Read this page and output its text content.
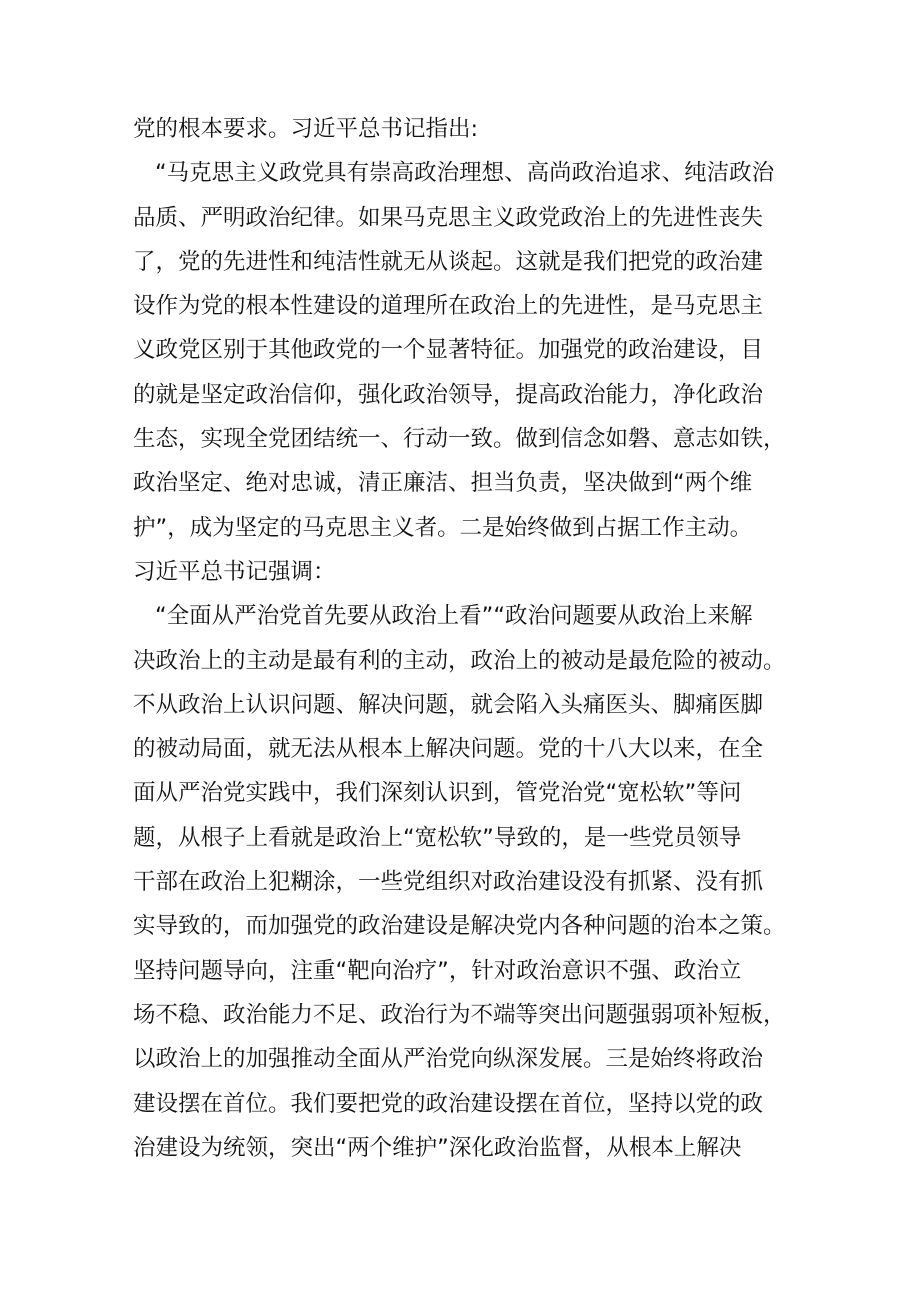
党的根本要求。习近平总书记指出:
“马克思主义政党具有崇高政治理想、高尚政治追求、纯洁政治
品质、严明政治纪律。如果马克思主义政党政治上的先进性丧失
了，党的先进性和纯洁性就无从谈起。这就是我们把党的政治建
设作为党的根本性建设的道理所在政治上的先进性，是马克思主
义政党区别于其他政党的一个显著特征。加强党的政治建设，目
的就是坚定政治信仰，强化政治领导，提高政治能力，净化政治
生态，实现全党团结统一、行动一致。做到信念如磐、意志如铁，
政治坚定、绝对忠诚，清正廉洁、担当负责，坚决做到“两个维
护”，成为坚定的马克思主义者。二是始终做到占据工作主动。
习近平总书记强调：
“全面从严治党首先要从政治上看”“政治问题要从政治上来解
决政治上的主动是最有利的主动，政治上的被动是最危险的被动。
不从政治上认识问题、解决问题，就会陷入头痛医头、脚痛医脚
的被动局面，就无法从根本上解决问题。党的十八大以来，在全
面从严治党实践中，我们深刻认识到，管党治党“宽松软”等问
题，从根子上看就是政治上“宽松软”导致的，是一些党员领导
干部在政治上犯糊涂，一些党组织对政治建设没有抓紧、没有抓
实导致的，而加强党的政治建设是解决党内各种问题的治本之策。
坚持问题导向，注重“靶向治疗”，针对政治意识不强、政治立
场不稳、政治能力不足、政治行为不端等突出问题强弱项补短板，
以政治上的加强推动全面从严治党向纵深发展。三是始终将政治
建设摆在首位。我们要把党的政治建设摆在首位，坚持以党的政
治建设为统领，突出“两个维护”深化政治监督，从根本上解决
